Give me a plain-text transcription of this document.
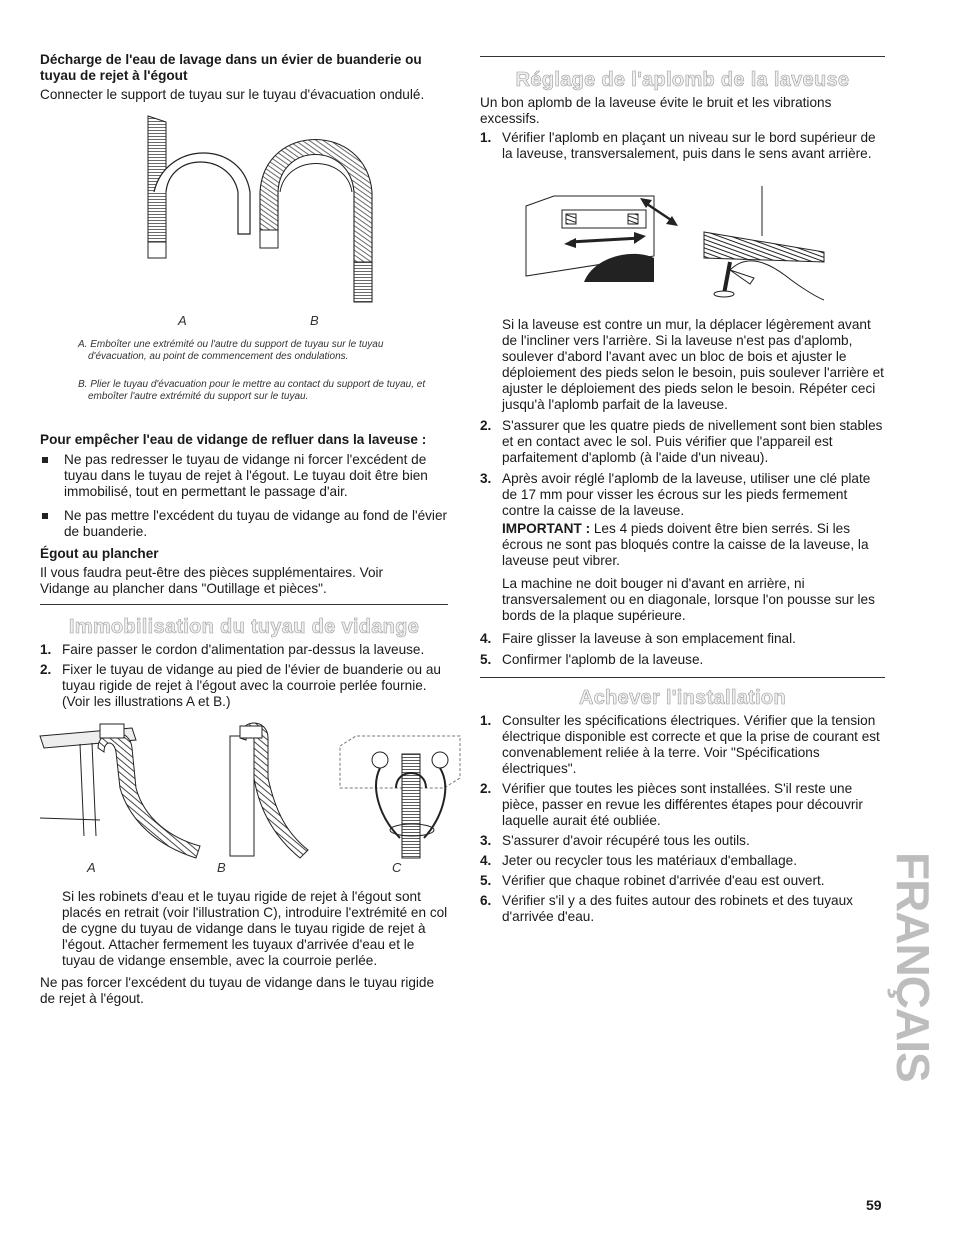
Décharge de l'eau de lavage dans un évier de buanderie ou tuyau de rejet à l'égout

Connecter le support de tuyau sur le tuyau d'évacuation ondulé.

A	B

A. Emboîter une extrémité ou l'autre du support de tuyau sur le tuyau d'évacuation, au point de commencement des ondulations.

B. Plier le tuyau d'évacuation pour le mettre au contact du support de tuyau, et emboîter l'autre extrémité du support sur le tuyau.

Pour empêcher l'eau de vidange de refluer dans la laveuse :

Ne pas redresser le tuyau de vidange ni forcer l'excédent de tuyau dans le tuyau de rejet à l'égout. Le tuyau doit être bien immobilisé, tout en permettant le passage d'air.
Ne pas mettre l'excédent du tuyau de vidange au fond de l'évier de buanderie.

Égout au plancher

Il vous faudra peut-être des pièces supplémentaires. Voir Vidange au plancher dans "Outillage et pièces".

Immobilisation du tuyau de vidange

1. Faire passer le cordon d'alimentation par-dessus la laveuse.
2. Fixer le tuyau de vidange au pied de l'évier de buanderie ou au tuyau rigide de rejet à l'égout avec la courroie perlée fournie. (Voir les illustrations A et B.)
A	B	C

Si les robinets d'eau et le tuyau rigide de rejet à l'égout sont placés en retrait (voir l'illustration C), introduire l'extrémité en col de cygne du tuyau de vidange dans le tuyau rigide de rejet à l'égout. Attacher fermement les tuyaux d'arrivée d'eau et le tuyau de vidange ensemble, avec la courroie perlée.

Ne pas forcer l'excédent du tuyau de vidange dans le tuyau rigide de rejet à l'égout.

Réglage de l'aplomb de la laveuse

Un bon aplomb de la laveuse évite le bruit et les vibrations excessifs.

1. Vérifier l'aplomb en plaçant un niveau sur le bord supérieur de la laveuse, transversalement, puis dans le sens avant arrière.

Si la laveuse est contre un mur, la déplacer légèrement avant de l'incliner vers l'arrière. Si la laveuse n'est pas d'aplomb, soulever d'abord l'avant avec un bloc de bois et ajuster le déploiement des pieds selon le besoin, puis soulever l'arrière et ajuster le déploiement des pieds selon le besoin. Répéter ceci jusqu'à l'aplomb parfait de la laveuse.

2. S'assurer que les quatre pieds de nivellement sont bien stables et en contact avec le sol. Puis vérifier que l'appareil est parfaitement d'aplomb (à l'aide d'un niveau).
3. Après avoir réglé l'aplomb de la laveuse, utiliser une clé plate de 17 mm pour visser les écrous sur les pieds fermement contre la caisse de la laveuse.

IMPORTANT : Les 4 pieds doivent être bien serrés. Si les écrous ne sont pas bloqués contre la caisse de la laveuse, la laveuse peut vibrer.

La machine ne doit bouger ni d'avant en arrière, ni transversalement ou en diagonale, lorsque l'on pousse sur les bords de la plaque supérieure.

4. Faire glisser la laveuse à son emplacement final.
5. Confirmer l'aplomb de la laveuse.

Achever l'installation

1. Consulter les spécifications électriques. Vérifier que la tension électrique disponible est correcte et que la prise de courant est convenablement reliée à la terre. Voir "Spécifications électriques".
2. Vérifier que toutes les pièces sont installées. S'il reste une pièce, passer en revue les différentes étapes pour découvrir laquelle aurait été oubliée.
3. S'assurer d'avoir récupéré tous les outils.
4. Jeter ou recycler tous les matériaux d'emballage.
5. Vérifier que chaque robinet d'arrivée d'eau est ouvert.
6. Vérifier s'il y a des fuites autour des robinets et des tuyaux d'arrivée d'eau.	FRANÇAIS

59
